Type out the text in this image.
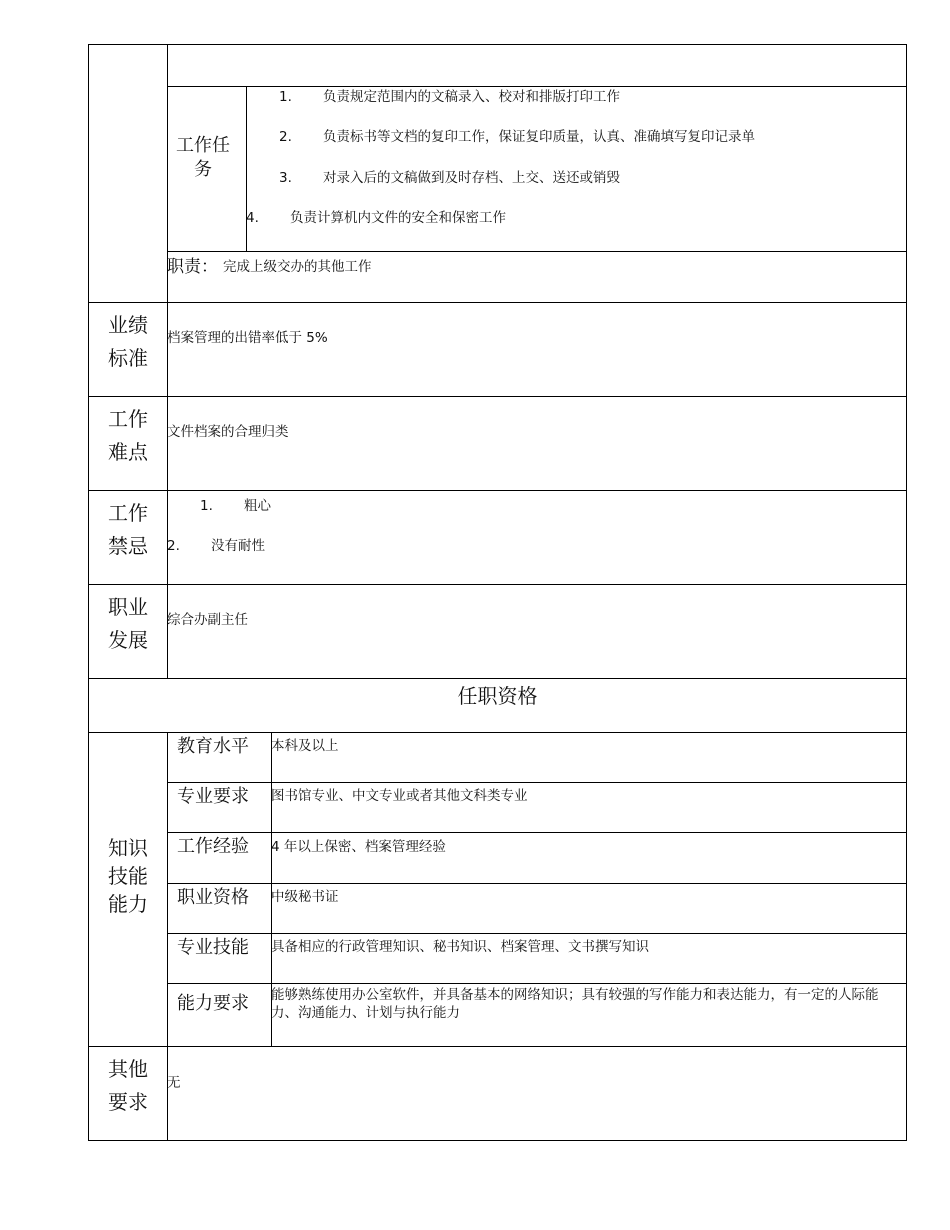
工作任务
1. 负责规定范围内的文稿录入、校对和排版打印工作
2. 负责标书等文档的复印工作，保证复印质量，认真、准确填写复印记录单
3. 对录入后的文稿做到及时存档、上交、送还或销毁
4. 负责计算机内文件的安全和保密工作
职责： 完成上级交办的其他工作
业绩标准
档案管理的出错率低于 5%
工作难点
文件档案的合理归类
工作禁忌
1. 粗心
2. 没有耐性
职业发展
综合办副主任
任职资格
知识技能能力
教育水平 本科及以上
专业要求 图书馆专业、中文专业或者其他文科类专业
工作经验 4 年以上保密、档案管理经验
职业资格 中级秘书证
专业技能 具备相应的行政管理知识、秘书知识、档案管理、文书撰写知识
能力要求 能够熟练使用办公室软件，并具备基本的网络知识；具有较强的写作能力和表达能力，有一定的人际能力、沟通能力、计划与执行能力
其他要求
无
